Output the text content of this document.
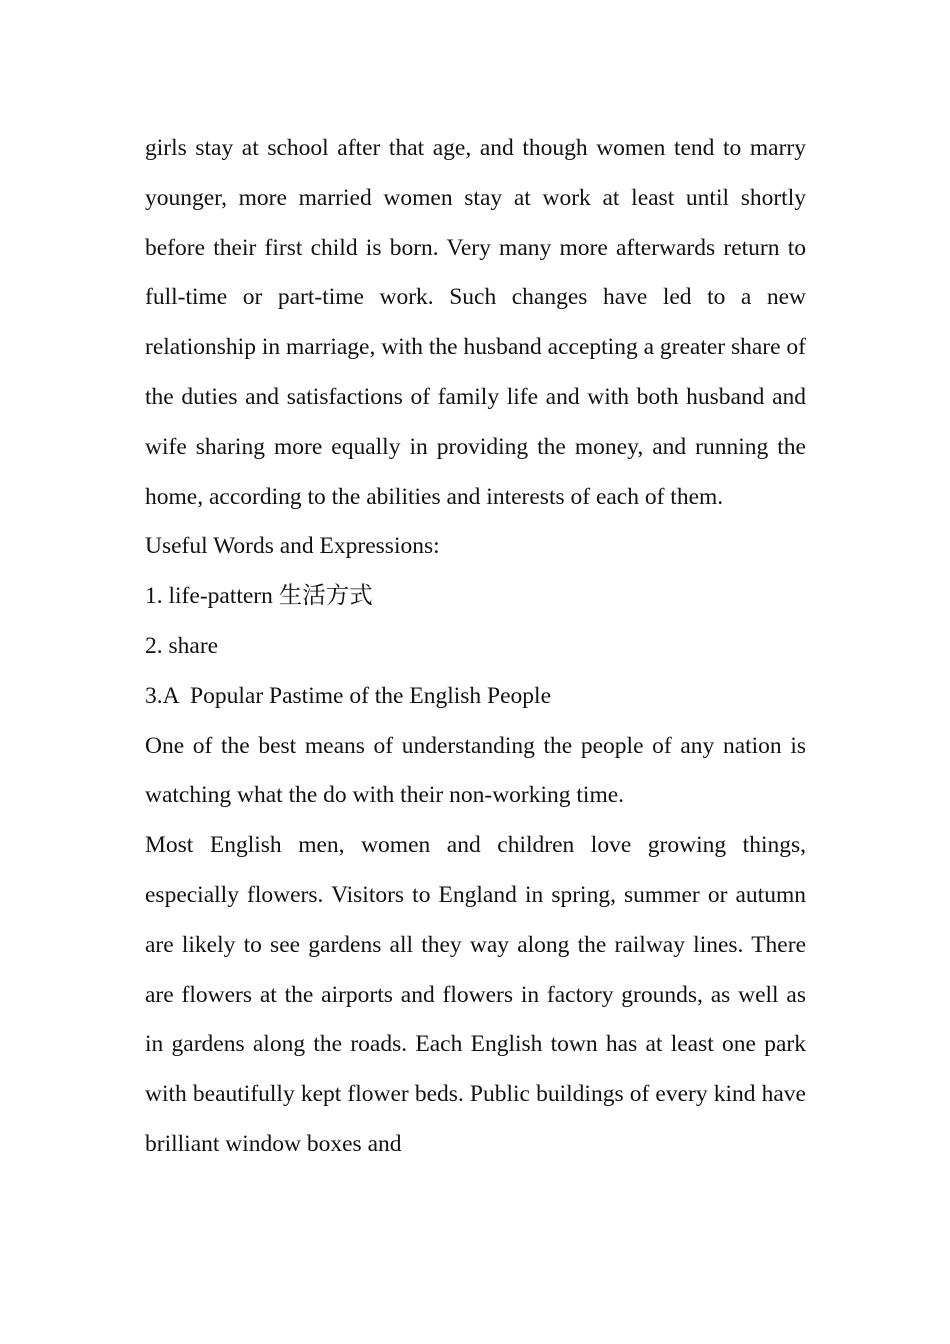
girls stay at school after that age, and though women tend to marry younger, more married women stay at work at least until shortly before their first child is born. Very many more afterwards return to full-time or part-time work. Such changes have led to a new relationship in marriage, with the husband accepting a greater share of the duties and satisfactions of family life and with both husband and wife sharing more equally in providing the money, and running the home, according to the abilities and interests of each of them.

Useful Words and Expressions:

1. life-pattern 生活方式

2. share

3.A  Popular Pastime of the English People

One of the best means of understanding the people of any nation is watching what the do with their non-working time.

Most English men, women and children love growing things, especially flowers. Visitors to England in spring, summer or autumn are likely to see gardens all they way along the railway lines. There are flowers at the airports and flowers in factory grounds, as well as in gardens along the roads. Each English town has at least one park with beautifully kept flower beds. Public buildings of every kind have brilliant window boxes and
